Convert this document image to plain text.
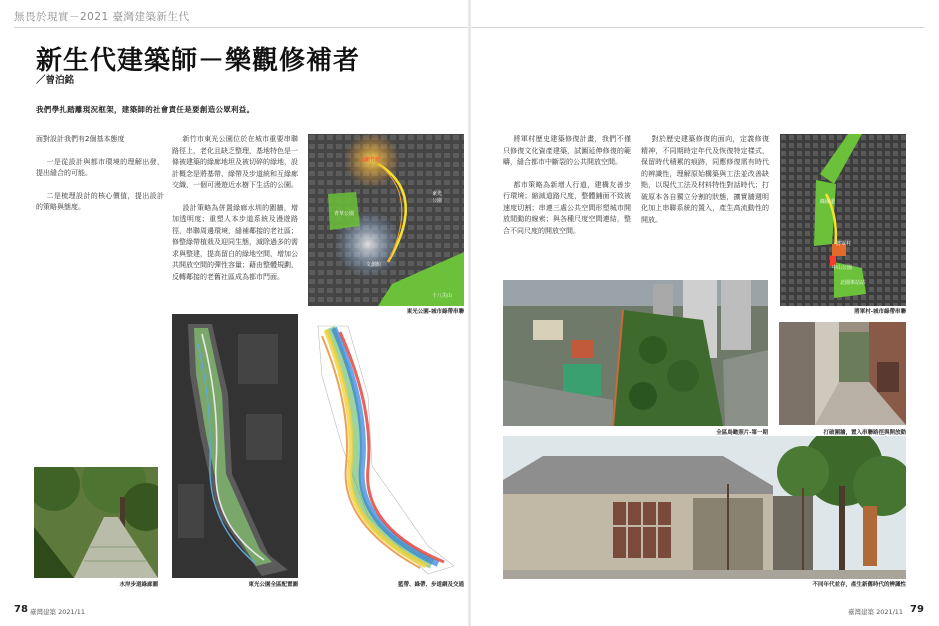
無畏於現實－2021 臺灣建築新生代
新生代建築師－樂觀修補者
／曾泊銘
我們學扎踏離現況框架，建築師的社會責任是要創造公眾利益。

面對設計我們有2個基本態度

一是從設計與都市環境的理解出發，提出縫合的可能。

二是梳理設計的核心價值，提出設計的策略與態度。

新竹市東光公園位於在城市重要串聯路徑上，老化且缺乏整理，基地特色是一條被建築的綠廊地坦及被切碎的綠地，設計概念是將基帶、綠帶及步道統和互綠廊交織，一個可漫遊近水樹下生活的公園。

設計策略為併置綠廊水圳的圍牆，增加透明度；重塑人本步道系統及漫遊路徑，串聯周邊環境，縫補鄰接的老社區；修整綠帶植栽及迎同生態，減除過多的需求與整建，提高留白的綠地空間，增加公共開放空間的彈性容量；藉由整體規劃，反轉鄰接的老舊社區成為都市門面。

北新竹站
東光公園
青草公園
文創館
十八尖山
東光公園-城市綠帶串聯
水岸步道綠廊圖	東光公園全區配置圖	藍帶、綠帶、步道網及交通

將軍村歷史建築修復計畫，我們不僅只修復文化資產建築，試圖延伸修復的範疇，縫合都市中斷裂的公共開放空間。

都市策略為新增人行道，建構友善步行環境；縮減道路尺度，整體鋪面不致被速度切割；串連三處公共空間形塑城市開放閒動的線索；與各種尺度空間連結，整合不同尺度的開放空間。

對於歷史建築修復的面向，定義修復精神，不同期時定年代及恢復特定樣式，保留時代積累的痕跡，同應修復需有時代的辨識性，理解原始構築與工法並改善缺點，以現代工法及材料特性對話時代；打破原本各自獨立分割的狀態，擴實牆週明化加上串聯系統的置入，產生高流動性的開放。

綠園道
將軍村
中山公園
北園車站站
將軍村-城市綠帶串聯
全區鳥瞰照片-第一期	打破圍牆，置入串聯路徑與開放動
不同年代並存，產生新舊時代的辨識性
78 臺灣建築 2021/11	臺灣建築 2021/11 79
